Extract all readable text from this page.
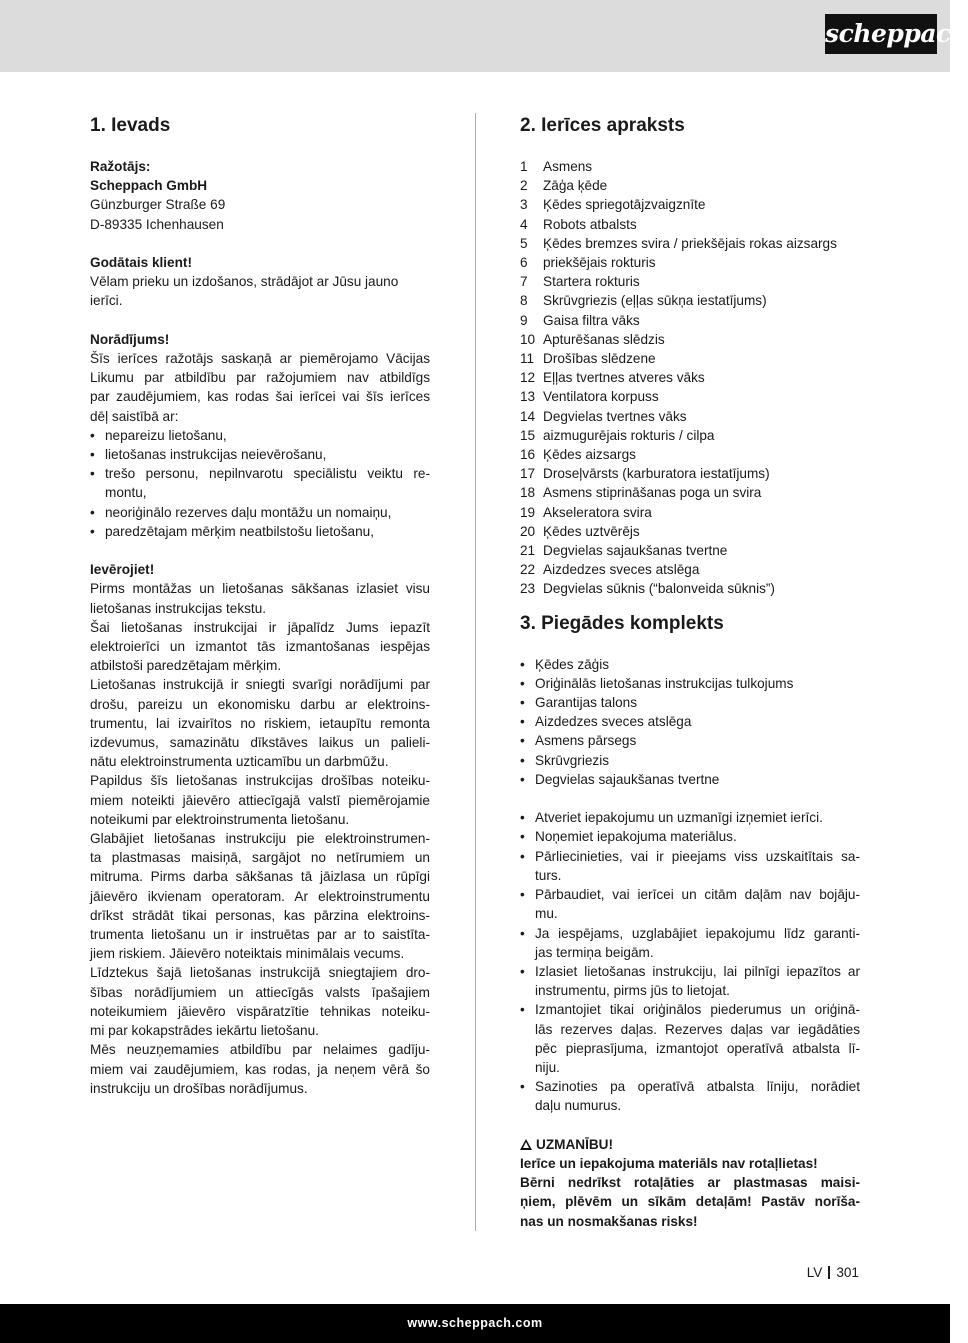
scheppach
1. Ievads
Ražotājs:
Scheppach GmbH
Günzburger Straße 69
D-89335 Ichenhausen
Godātais klient!
Vēlam prieku un izdošanos, strādājot ar Jūsu jauno
ierīci.
Norādījums!
Šīs ierīces ražotājs saskaņā ar piemērojamo Vācijas
Likumu par atbildību par ražojumiem nav atbildīgs
par zaudējumiem, kas rodas šai ierīcei vai šīs ierīces
dēļ saistībā ar:
• nepareizu lietošanu,
• lietošanas instrukcijas neievērošanu,
• trešo personu, nepilnvarotu speciālistu veiktu re-
montu,
• neoriģinālo rezerves daļu montāžu un nomaiņu,
• paredzētajam mērķim neatbilstošu lietošanu,
Ievērojiet!
Pirms montāžas un lietošanas sākšanas izlasiet visu
lietošanas instrukcijas tekstu.
Šai lietošanas instrukcijai ir jāpalīdz Jums iepazīt
elektroierīci un izmantot tās izmantošanas iespējas
atbilstoši paredzētajam mērķim.
Lietošanas instrukcijā ir sniegti svarīgi norādījumi par
drošu, pareizu un ekonomisku darbu ar elektroins-
trumentu, lai izvairītos no riskiem, ietaupītu remonta
izdevumus, samazinātu dīkstāves laikus un palieli-
nātu elektroinstrumenta uzticamību un darbmūžu.
Papildus šīs lietošanas instrukcijas drošības noteiku-
miem noteikti jāievēro attiecīgajā valstī piemērojamie
noteikumi par elektroinstrumenta lietošanu.
Glabājiet lietošanas instrukciju pie elektroinstrumen-
ta plastmasas maisiņā, sargājot no netīrumiem un
mitruma. Pirms darba sākšanas tā jāizlasa un rūpīgi
jāievēro ikvienam operatoram. Ar elektroinstrumentu
drīkst strādāt tikai personas, kas pārzina elektroins-
trumenta lietošanu un ir instruētas par ar to saistīta-
jiem riskiem. Jāievēro noteiktais minimālais vecums.
Līdztekus šajā lietošanas instrukcijā sniegtajiem dro-
šības norādījumiem un attiecīgās valsts īpašajiem
noteikumiem jāievēro vispāratzītie tehnikas noteiku-
mi par kokapstrādes iekārtu lietošanu.
Mēs neuzņemamies atbildību par nelaimes gadīju-
miem vai zaudējumiem, kas rodas, ja neņem vērā šo
instrukciju un drošības norādījumus.
2. Ierīces apraksts
1	Asmens
2	Zāģa ķēde
3	Ķēdes spriegotājzvaigznīte
4	Robots atbalsts
5	Ķēdes bremzes svira / priekšējais rokas aizsargs
6	priekšējais rokturis
7	Startera rokturis
8	Skrūvgriezis (eļļas sūkņa iestatījums)
9	Gaisa filtra vāks
10 Apturēšanas slēdzis
11 Drošības slēdzene
12 Eļļas tvertnes atveres vāks
13 Ventilatora korpuss
14 Degvielas tvertnes vāks
15 aizmugurējais rokturis / cilpa
16 Ķēdes aizsargs
17 Droseļvārsts (karburatora iestatījums)
18 Asmens stiprināšanas poga un svira
19 Akseleratora svira
20 Ķēdes uztvērējs
21 Degvielas sajaukšanas tvertne
22 Aizdedzes sveces atslēga
23 Degvielas sūknis (“balonveida sūknis”)
3. Piegādes komplekts
• Ķēdes zāģis
• Oriģinālās lietošanas instrukcijas tulkojums
• Garantijas talons
• Aizdedzes sveces atslēga
• Asmens pārsegs
• Skrūvgriezis
• Degvielas sajaukšanas tvertne
• Atveriet iepakojumu un uzmanīgi izņemiet ierīci.
• Noņemiet iepakojuma materiālus.
• Pārliecinieties, vai ir pieejams viss uzskaitītais sa-
turs.
• Pārbaudiet, vai ierīcei un citām daļām nav bojāju-
mu.
• Ja iespējams, uzglabājiet iepakojumu līdz garanti-
jas termiņa beigām.
• Izlasiet lietošanas instrukciju, lai pilnīgi iepazītos ar
instrumentu, pirms jūs to lietojat.
• Izmantojiet tikai oriģinālos piederumus un oriģinā-
lās rezerves daļas. Rezerves daļas var iegādāties
pēc pieprasījuma, izmantojot operatīvā atbalsta lī-
niju.
• Sazinoties pa operatīvā atbalsta līniju, norādiet
daļu numurus.
UZMANĪBU!
Ierīce un iepakojuma materiāls nav rotaļlietas!
Bērni nedrīkst rotaļāties ar plastmasas maisi-
ņiem, plēvēm un sīkām detaļām! Pastāv norīša-
nas un nosmakšanas risks!
LV 301
www.scheppach.com
